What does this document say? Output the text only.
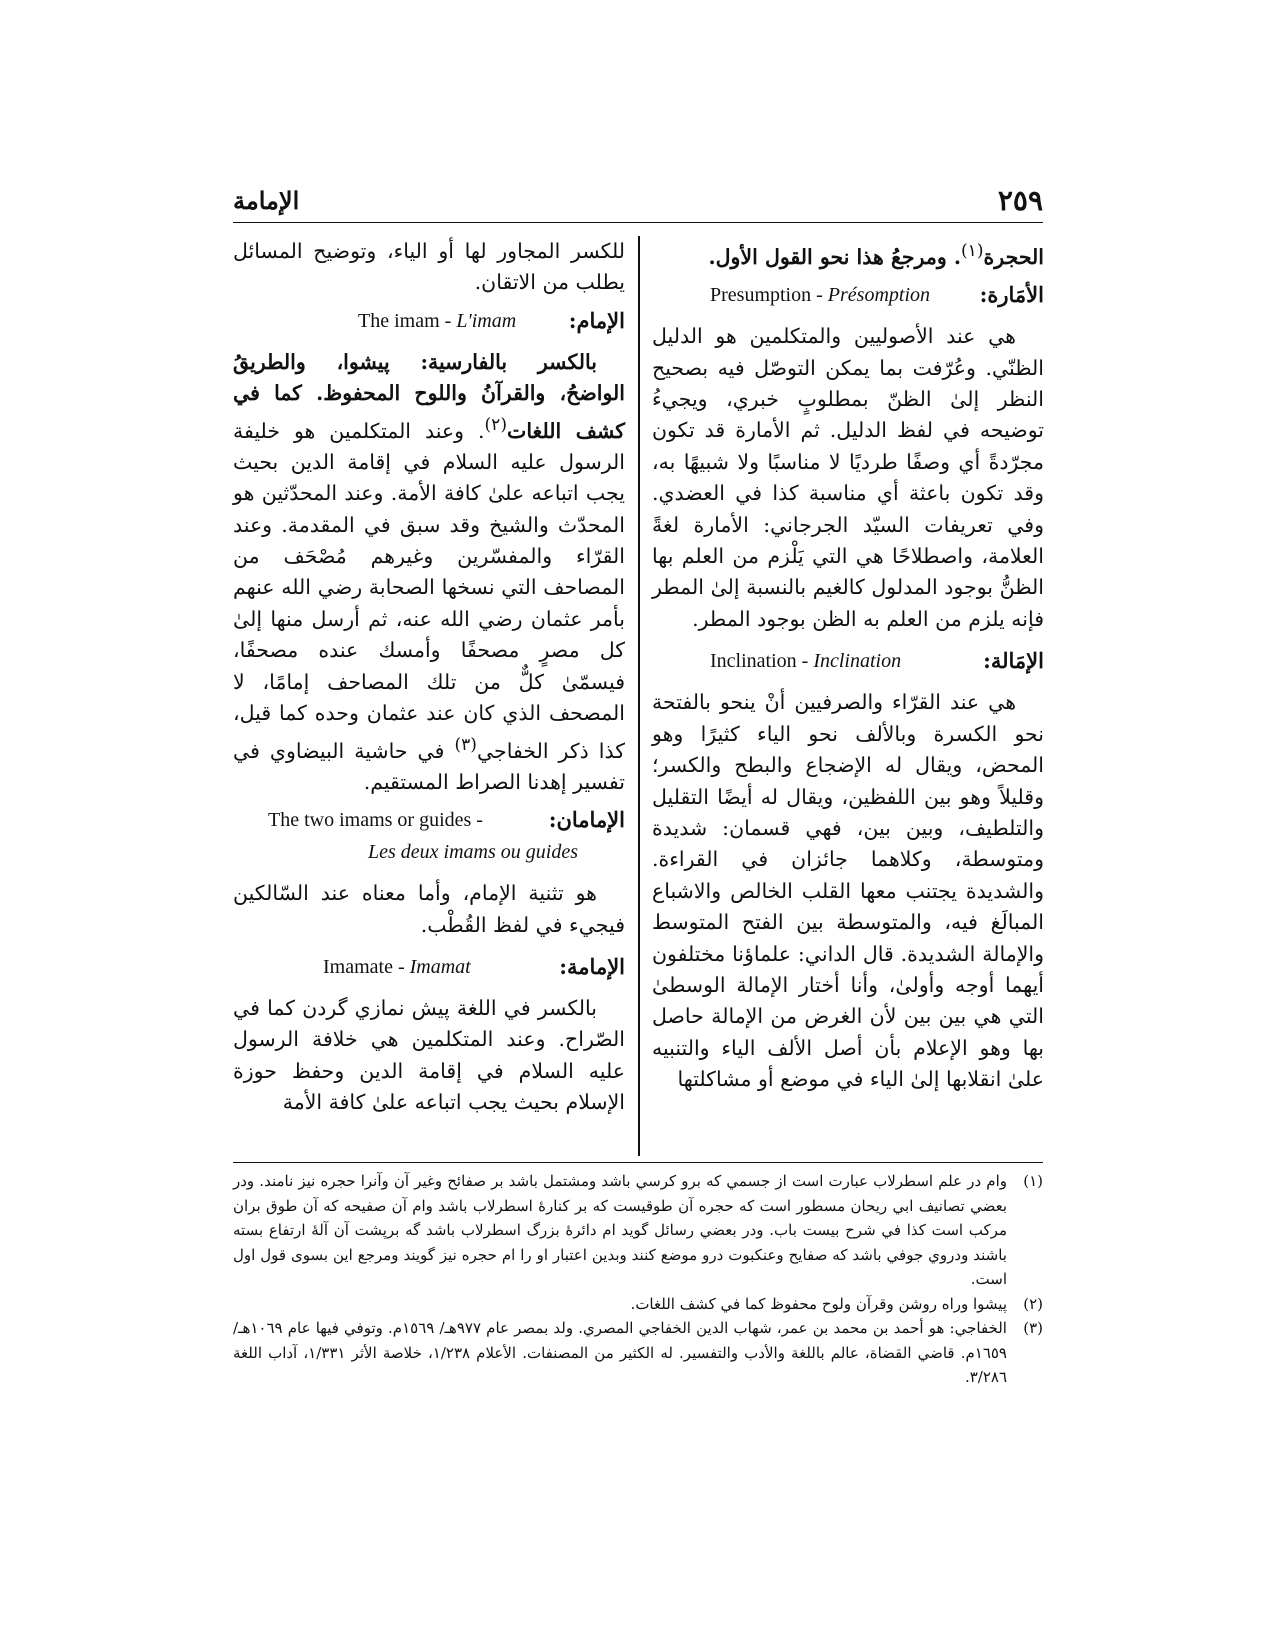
٢٥٩
الإمامة

الحجرة$^{(١)}$. ومرجعُ هذا نحو القول الأول.

الأمَارة:
Presumption - Présomption

هي عند الأصوليين والمتكلمين هو الدليل الظنّي. وعُرّفت بما يمكن التوصّل فيه بصحيح النظر إلىٰ الظنّ بمطلوبٍ خبري، ويجيءُ توضيحه في لفظ الدليل. ثم الأمارة قد تكون مجرّدةً أي وصفًا طرديًا لا مناسبًا ولا شبيهًا به، وقد تكون باعثة أي مناسبة كذا في العضدي. وفي تعريفات السيّد الجرجاني: الأمارة لغةً العلامة، واصطلاحًا هي التي يَلْزم من العلم بها الظنُّ بوجود المدلول كالغيم بالنسبة إلىٰ المطر فإنه يلزم من العلم به الظن بوجود المطر.

الإمَالة:
Inclination - Inclination

هي عند القرّاء والصرفيين أنْ ينحو بالفتحة نحو الكسرة وبالألف نحو الياء كثيرًا وهو المحض، ويقال له الإضجاع والبطح والكسر؛ وقليلاً وهو بين اللفظين، ويقال له أيضًا التقليل والتلطيف، وبين بين، فهي قسمان: شديدة ومتوسطة، وكلاهما جائزان في القراءة. والشديدة يجتنب معها القلب الخالص والاشباع المبالَغ فيه، والمتوسطة بين الفتح المتوسط والإمالة الشديدة. قال الداني: علماؤنا مختلفون أيهما أوجه وأولىٰ، وأنا أختار الإمالة الوسطىٰ التي هي بين بين لأن الغرض من الإمالة حاصل بها وهو الإعلام بأن أصل الألف الياء والتنبيه علىٰ انقلابها إلىٰ الياء في موضع أو مشاكلتها

للكسر المجاور لها أو الياء، وتوضيح المسائل يطلب من الاتقان.

الإمام:
The imam - L'imam

بالكسر بالفارسية: پيشوا، والطريقُ الواضحُ، والقرآنُ واللوح المحفوظ. كما في كشف اللغات$^{(٢)}$. وعند المتكلمين هو خليفة الرسول عليه السلام في إقامة الدين بحيث يجب اتباعه علىٰ كافة الأمة. وعند المحدّثين هو المحدّث والشيخ وقد سبق في المقدمة. وعند القرّاء والمفسّرين وغيرهم مُصْحَف من المصاحف التي نسخها الصحابة رضي الله عنهم بأمر عثمان رضي الله عنه، ثم أرسل منها إلىٰ كل مصرٍ مصحفًا وأمسك عنده مصحفًا، فيسمّىٰ كلٌّ من تلك المصاحف إمامًا، لا المصحف الذي كان عند عثمان وحده كما قيل، كذا ذكر الخفاجي$^{(٣)}$ في حاشية البيضاوي في تفسير إهدنا الصراط المستقيم.

الإمامان:
The two imams or guides -
Les deux imams ou guides

هو تثنية الإمام، وأما معناه عند السّالكين فيجيء في لفظ القُطْب.

الإمامة:
Imamate - Imamat

بالكسر في اللغة پيش نمازي گردن كما في الصّراح. وعند المتكلمين هي خلافة الرسول عليه السلام في إقامة الدين وحفظ حوزة الإسلام بحيث يجب اتباعه علىٰ كافة الأمة

(١)
وام در علم اسطرلاب عبارت است از جسمي كه برو كرسي باشد ومشتمل باشد بر صفائح وغير آن وآنرا حجره نيز نامند. ودر بعضي تصانيف ابي ريحان مسطور است كه حجره آن طوقيست كه بر كنارهٔ اسطرلاب باشد وام آن صفيحه كه آن طوق بران مركب است كذا في شرح بيست باب. ودر بعضي رسائل گويد ام دائرهٔ بزرگ اسطرلاب باشد گه برپشت آن آلهٔ ارتفاع بسته باشند ودروي جوفي باشد كه صفايح وعنكبوت درو موضع كنند وبدين اعتبار او را ام حجره نيز گويند ومرجع اين بسوى قول اول است.
(٢)
پيشوا وراه روشن وقرآن ولوح محفوظ كما في كشف اللغات.
(٣)
الخفاجي: هو أحمد بن محمد بن عمر، شهاب الدين الخفاجي المصري. ولد بمصر عام ٩٧٧هـ/ ١٥٦٩م. وتوفي فيها عام ١٠٦٩هـ/ ١٦٥٩م. قاضي القضاة، عالم باللغة والأدب والتفسير. له الكثير من المصنفات. الأعلام ١/٢٣٨، خلاصة الأثر ١/٣٣١، آداب اللغة ٣/٢٨٦.
